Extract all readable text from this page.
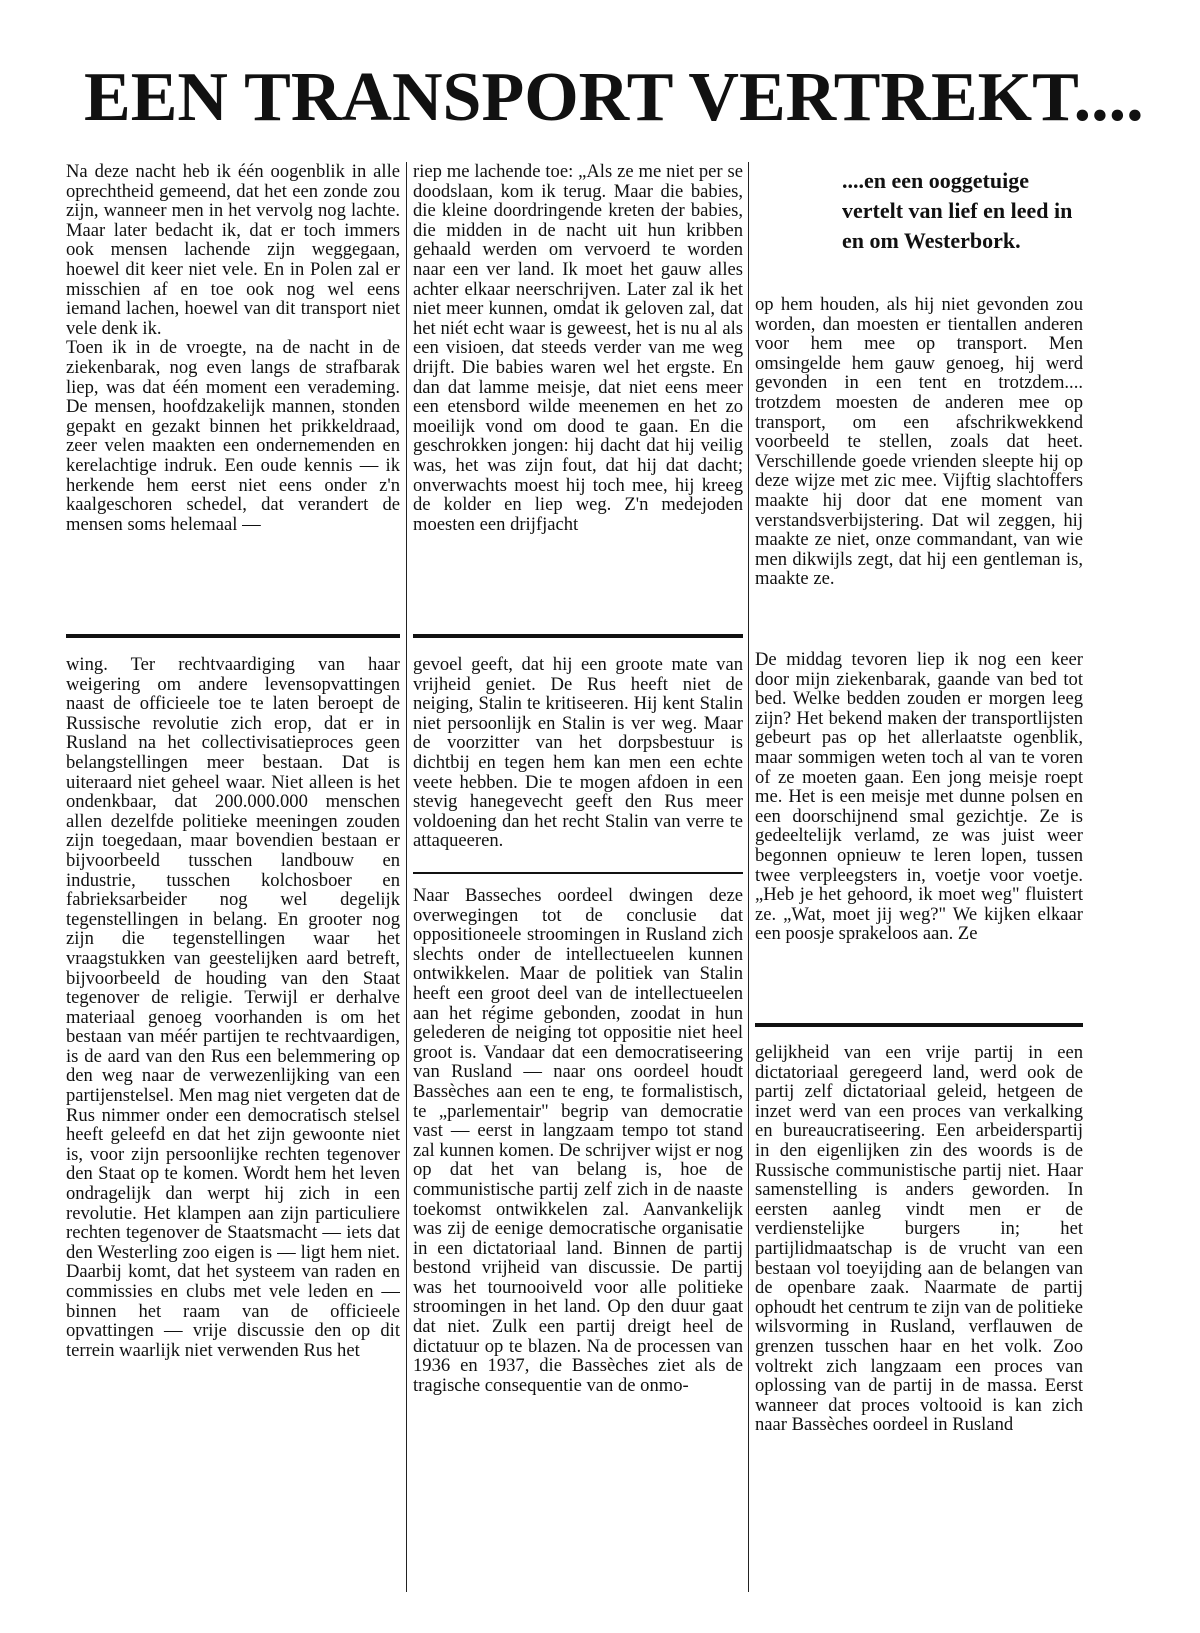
EEN TRANSPORT VERTREKT....

Na deze nacht heb ik één oogenblik in alle oprechtheid gemeend, dat het een zonde zou zijn, wanneer men in het vervolg nog lachte. Maar later bedacht ik, dat er toch immers ook mensen lachende zijn weggegaan, hoewel dit keer niet vele. En in Polen zal er misschien af en toe ook nog wel eens iemand lachen, hoewel van dit transport niet vele denk ik.

Toen ik in de vroegte, na de nacht in de ziekenbarak, nog even langs de strafbarak liep, was dat één moment een verademing. De mensen, hoofdzakelijk mannen, stonden gepakt en gezakt binnen het prikkeldraad, zeer velen maakten een ondernemenden en kerelachtige indruk. Een oude kennis — ik herkende hem eerst niet eens onder z'n kaalgeschoren schedel, dat verandert de mensen soms helemaal —

riep me lachende toe: „Als ze me niet per se doodslaan, kom ik terug. Maar die babies, die kleine doordringende kreten der babies, die midden in de nacht uit hun kribben gehaald werden om vervoerd te worden naar een ver land. Ik moet het gauw alles achter elkaar neerschrijven. Later zal ik het niet meer kunnen, omdat ik geloven zal, dat het niét echt waar is geweest, het is nu al als een visioen, dat steeds verder van me weg drijft. Die babies waren wel het ergste. En dan dat lamme meisje, dat niet eens meer een etensbord wilde meenemen en het zo moeilijk vond om dood te gaan. En die geschrokken jongen: hij dacht dat hij veilig was, het was zijn fout, dat hij dat dacht; onverwachts moest hij toch mee, hij kreeg de kolder en liep weg. Z'n medejoden moesten een drijfjacht

....en een ooggetuige vertelt van lief en leed in en om Westerbork.

op hem houden, als hij niet gevonden zou worden, dan moesten er tientallen anderen voor hem mee op transport. Men omsingelde hem gauw genoeg, hij werd gevonden in een tent en trotzdem.... trotzdem moesten de anderen mee op transport, om een afschrikwekkend voorbeeld te stellen, zoals dat heet. Verschillende goede vrienden sleepte hij op deze wijze met zic mee. Vijftig slachtoffers maakte hij door dat ene moment van verstandsverbijstering. Dat wil zeggen, hij maakte ze niet, onze commandant, van wie men dikwijls zegt, dat hij een gentleman is, maakte ze.

De middag tevoren liep ik nog een keer door mijn ziekenbarak, gaande van bed tot bed. Welke bedden zouden er morgen leeg zijn? Het bekend maken der transportlijsten gebeurt pas op het allerlaatste ogenblik, maar sommigen weten toch al van te voren of ze moeten gaan. Een jong meisje roept me. Het is een meisje met dunne polsen en een doorschijnend smal gezichtje. Ze is gedeeltelijk verlamd, ze was juist weer begonnen opnieuw te leren lopen, tussen twee verpleegsters in, voetje voor voetje. „Heb je het gehoord, ik moet weg" fluistert ze. „Wat, moet jij weg?" We kijken elkaar een poosje sprakeloos aan. Ze

wing. Ter rechtvaardiging van haar weigering om andere levensopvattingen naast de officieele toe te laten beroept de Russische revolutie zich erop, dat er in Rusland na het collectivisatieproces geen belangstellingen meer bestaan. Dat is uiteraard niet geheel waar. Niet alleen is het ondenkbaar, dat 200.000.000 menschen allen dezelfde politieke meeningen zouden zijn toegedaan, maar bovendien bestaan er bijvoorbeeld tusschen landbouw en industrie, tusschen kolchosboer en fabrieksarbeider nog wel degelijk tegenstellingen in belang. En grooter nog zijn die tegenstellingen waar het vraagstukken van geestelijken aard betreft, bijvoorbeeld de houding van den Staat tegenover de religie. Terwijl er derhalve materiaal genoeg voorhanden is om het bestaan van méér partijen te rechtvaardigen, is de aard van den Rus een belemmering op den weg naar de verwezenlijking van een partijenstelsel. Men mag niet vergeten dat de Rus nimmer onder een democratisch stelsel heeft geleefd en dat het zijn gewoonte niet is, voor zijn persoonlijke rechten tegenover den Staat op te komen. Wordt hem het leven ondragelijk dan werpt hij zich in een revolutie. Het klampen aan zijn particuliere rechten tegenover de Staatsmacht — iets dat den Westerling zoo eigen is — ligt hem niet. Daarbij komt, dat het systeem van raden en commissies en clubs met vele leden en — binnen het raam van de officieele opvattingen — vrije discussie den op dit terrein waarlijk niet verwenden Rus het

gevoel geeft, dat hij een groote mate van vrijheid geniet. De Rus heeft niet de neiging, Stalin te kritiseeren. Hij kent Stalin niet persoonlijk en Stalin is ver weg. Maar de voorzitter van het dorpsbestuur is dichtbij en tegen hem kan men een echte veete hebben. Die te mogen afdoen in een stevig hanegevecht geeft den Rus meer voldoening dan het recht Stalin van verre te attaqueeren.

Naar Basseches oordeel dwingen deze overwegingen tot de conclusie dat oppositioneele stroomingen in Rusland zich slechts onder de intellectueelen kunnen ontwikkelen. Maar de politiek van Stalin heeft een groot deel van de intellectueelen aan het régime gebonden, zoodat in hun gelederen de neiging tot oppositie niet heel groot is. Vandaar dat een democratiseering van Rusland — naar ons oordeel houdt Bassèches aan een te eng, te formalistisch, te „parlementair" begrip van democratie vast — eerst in langzaam tempo tot stand zal kunnen komen. De schrijver wijst er nog op dat het van belang is, hoe de communistische partij zelf zich in de naaste toekomst ontwikkelen zal. Aanvankelijk was zij de eenige democratische organisatie in een dictatoriaal land. Binnen de partij bestond vrijheid van discussie. De partij was het tournooiveld voor alle politieke stroomingen in het land. Op den duur gaat dat niet. Zulk een partij dreigt heel de dictatuur op te blazen. Na de processen van 1936 en 1937, die Bassèches ziet als de tragische consequentie van de onmo-

gelijkheid van een vrije partij in een dictatoriaal geregeerd land, werd ook de partij zelf dictatoriaal geleid, hetgeen de inzet werd van een proces van verkalking en bureaucratiseering. Een arbeiderspartij in den eigenlijken zin des woords is de Russische communistische partij niet. Haar samenstelling is anders geworden. In eersten aanleg vindt men er de verdienstelijke burgers in; het partijlidmaatschap is de vrucht van een bestaan vol toeyijding aan de belangen van de openbare zaak. Naarmate de partij ophoudt het centrum te zijn van de politieke wilsvorming in Rusland, verflauwen de grenzen tusschen haar en het volk. Zoo voltrekt zich langzaam een proces van oplossing van de partij in de massa. Eerst wanneer dat proces voltooid is kan zich naar Bassèches oordeel in Rusland
